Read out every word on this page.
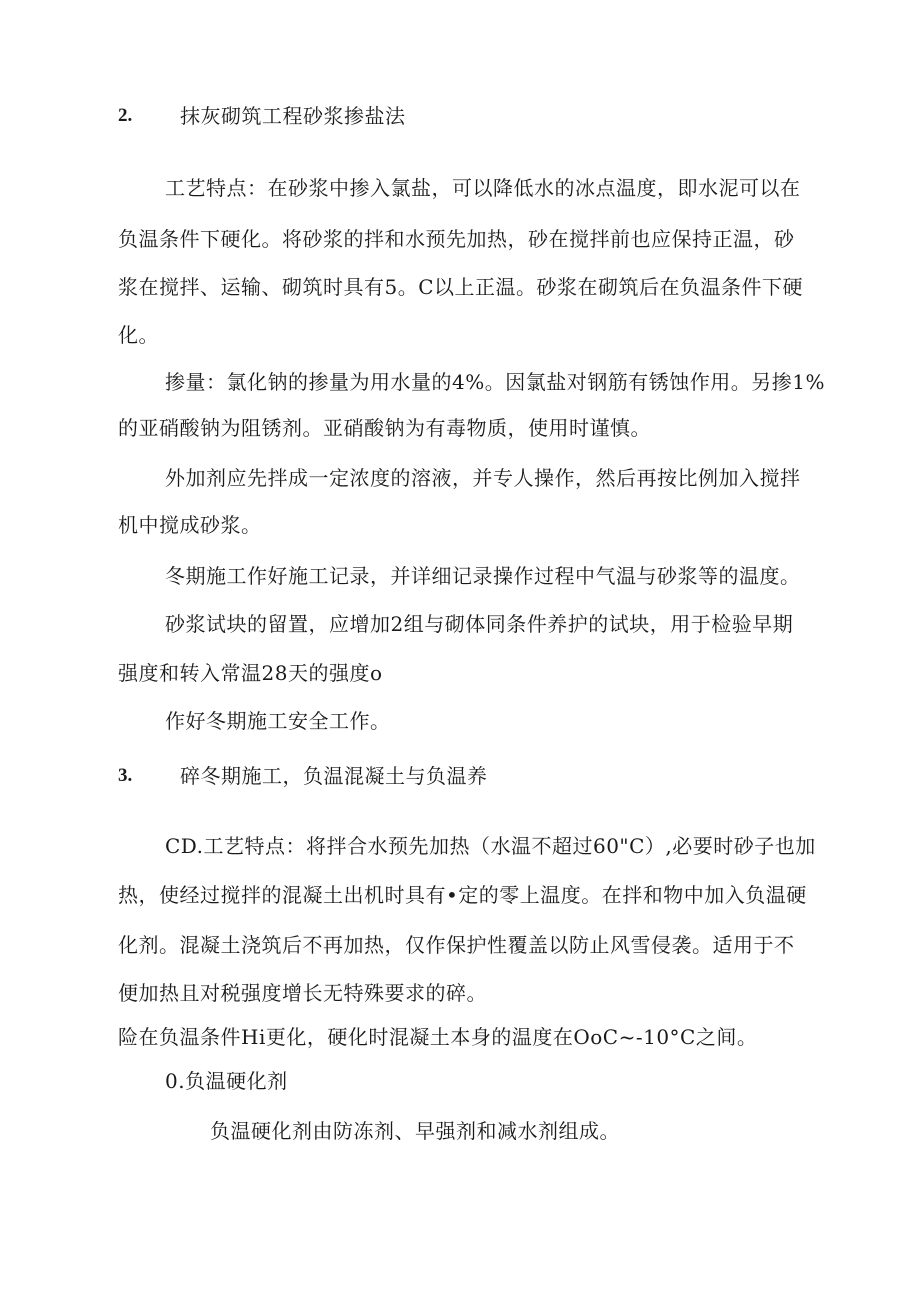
2. 抹灰砌筑工程砂浆掺盐法
工艺特点：在砂浆中掺入氯盐，可以降低水的冰点温度，即水泥可以在
负温条件下硬化。将砂浆的拌和水预先加热，砂在搅拌前也应保持正温，砂
浆在搅拌、运输、砌筑时具有5。C以上正温。砂浆在砌筑后在负温条件下硬
化。
掺量：氯化钠的掺量为用水量的4%。因氯盐对钢筋有锈蚀作用。另掺1%
的亚硝酸钠为阻锈剂。亚硝酸钠为有毒物质，使用时谨慎。
外加剂应先拌成一定浓度的溶液，并专人操作，然后再按比例加入搅拌
机中搅成砂浆。
冬期施工作好施工记录，并详细记录操作过程中气温与砂浆等的温度。
砂浆试块的留置，应增加2组与砌体同条件养护的试块，用于检验早期
强度和转入常温28天的强度o
作好冬期施工安全工作。
3. 碎冬期施工，负温混凝土与负温养
CD.工艺特点：将拌合水预先加热（水温不超过60"C）,必要时砂子也加
热，使经过搅拌的混凝土出机时具有•定的零上温度。在拌和物中加入负温硬
化剂。混凝土浇筑后不再加热，仅作保护性覆盖以防止风雪侵袭。适用于不
便加热且对税强度增长无特殊要求的碎。
险在负温条件Hi更化，硬化时混凝土本身的温度在OoC~-10°C之间。
0.负温硬化剂
负温硬化剂由防冻剂、早强剂和减水剂组成。
